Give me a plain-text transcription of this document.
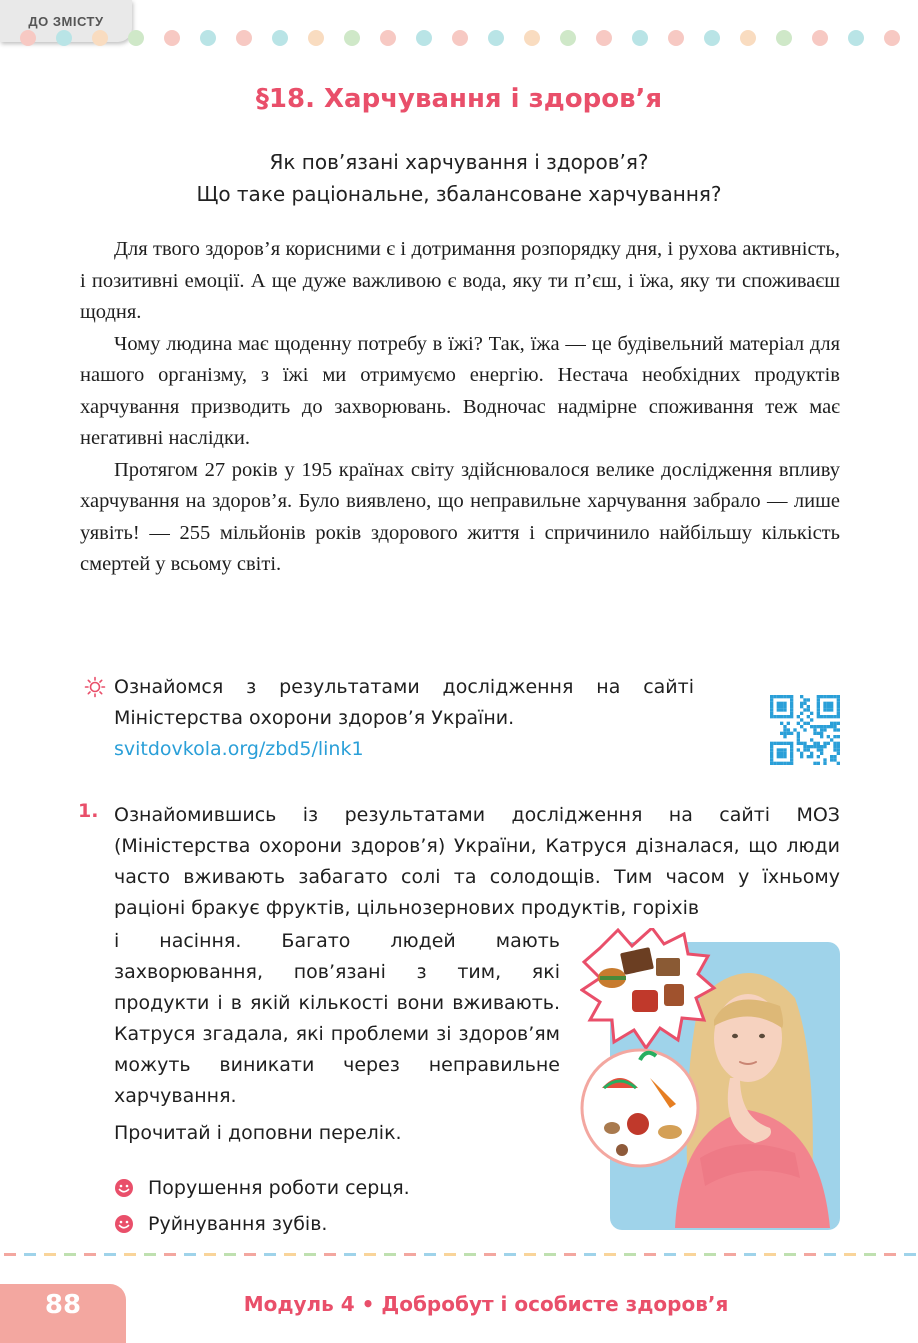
ДО ЗМІСТУ
§18. Харчування і здоров’я
Як пов’язані харчування і здоров’я?
Що таке раціональне, збалансоване харчування?

Для твого здоров’я корисними є і дотримання розпорядку дня, і рухова активність, і позитивні емоції. А ще дуже важливою є вода, яку ти п’єш, і їжа, яку ти споживаєш щодня.

Чому людина має щоденну потребу в їжі? Так, їжа — це будівельний матеріал для нашого організму, з їжі ми отримуємо енергію. Нестача необхідних продуктів харчування призводить до захворювань. Водночас надмірне споживання теж має негативні наслідки.

Протягом 27 років у 195 країнах світу здійснювалося велике дослідження впливу харчування на здоров’я. Було виявлено, що неправильне харчування забрало — лише уявіть! — 255 мільйонів років здорового життя і спричинило найбільшу кількість смертей у всьому світі.

Ознайомся з результатами дослідження на сайті Міністерства охорони здоров’я України.
svitdovkola.org/zbd5/link1
1. Ознайомившись із результатами дослідження на сайті МОЗ (Міністерства охорони здоров’я) України, Катруся дізналася, що люди часто вживають забагато солі та солодощів. Тим часом у їхньому раціоні бракує фруктів, цільнозернових продуктів, горіхів
і насіння. Багато людей мають захворювання, пов’язані з тим, які продукти і в якій кількості вони вживають. Катруся згадала, які проблеми зі здоров’ям можуть виникати через неправильне харчування.
Прочитай і доповни перелік.
Порушення роботи серця.
Руйнування зубів.
88	Модуль 4 • Добробут і особисте здоров’я
